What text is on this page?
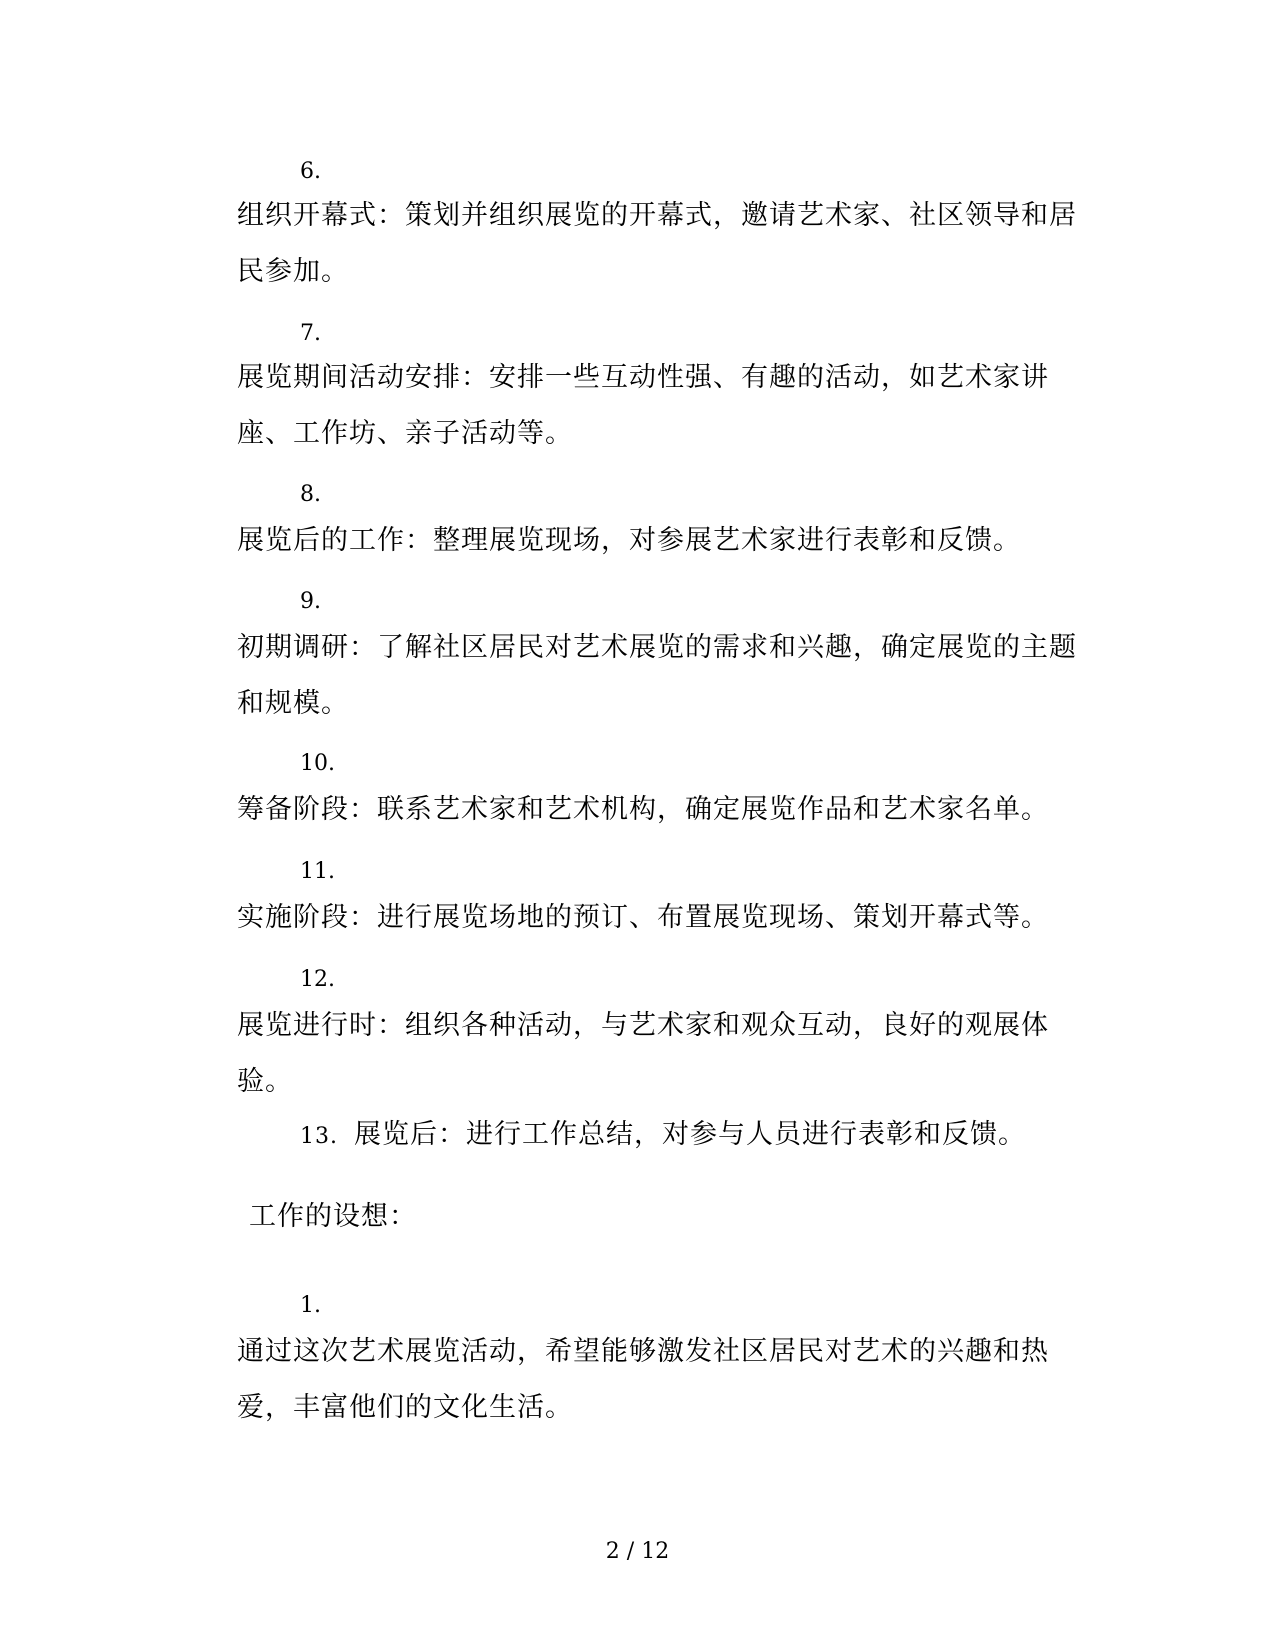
6.
组织开幕式：策划并组织展览的开幕式，邀请艺术家、社区领导和居民参加。
7.
展览期间活动安排：安排一些互动性强、有趣的活动，如艺术家讲座、工作坊、亲子活动等。
8.
展览后的工作：整理展览现场，对参展艺术家进行表彰和反馈。
9.
初期调研：了解社区居民对艺术展览的需求和兴趣，确定展览的主题和规模。
10.
筹备阶段：联系艺术家和艺术机构，确定展览作品和艺术家名单。
11.
实施阶段：进行展览场地的预订、布置展览现场、策划开幕式等。
12.
展览进行时：组织各种活动，与艺术家和观众互动，良好的观展体验。
13. 展览后：进行工作总结，对参与人员进行表彰和反馈。
工作的设想：
1.
通过这次艺术展览活动，希望能够激发社区居民对艺术的兴趣和热爱，丰富他们的文化生活。
2 / 12
